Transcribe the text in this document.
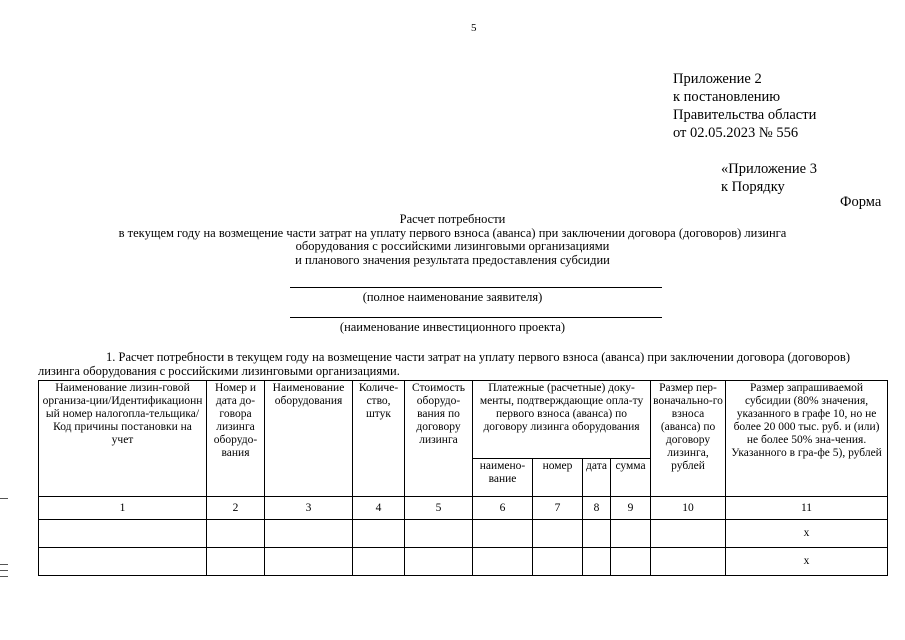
5
Приложение 2
к постановлению
Правительства области
от 02.05.2023 № 556
«Приложение 3
к Порядку
Форма
Расчет потребности
в текущем году на возмещение части затрат на уплату первого взноса (аванса) при заключении договора (договоров) лизинга
оборудования с российскими лизинговыми организациями
и планового значения результата предоставления субсидии
(полное наименование заявителя)
(наименование инвестиционного проекта)
1. Расчет потребности в текущем году на возмещение части затрат на уплату первого взноса (аванса) при заключении договора (договоров) лизинга оборудования с российскими лизинговыми организациями.
Наименование лизин-говой организа-ции/Идентификационн ый номер налогопла-тельщика/Код причины постановки на учет	Номер и дата до-говора лизинга оборудо-вания	Наименование оборудования	Количе-ство, штук	Стоимость оборудо-вания по договору лизинга	Платежные (расчетные) доку-менты, подтверждающие опла-ту первого взноса (аванса) по договору лизинга оборудования				Размер пер-воначально-го взноса (аванса) по договору лизинга, рублей	Размер запрашиваемой субсидии (80% значения, указанного в графе 10, но не более 20 000 тыс. руб. и (или) не более 50% зна-чения. Указанного в гра-фе 5), рублей
					наимено-вание	номер	дата	сумма		
1	2	3	4	5	6	7	8	9	10	11
										x
										x
